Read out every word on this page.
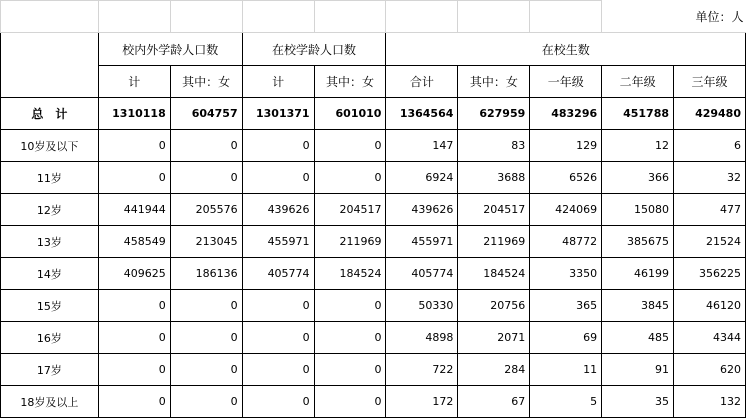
								单位：人	
	校内外学龄人口数		在校学龄人口数		在校生数				
	计	其中：女	计	其中：女	合计	其中：女	一年级	二年级	三年级
总　计	1310118	604757	1301371	601010	1364564	627959	483296	451788	429480
10岁及以下	0	0	0	0	147	83	129	12	6
11岁	0	0	0	0	6924	3688	6526	366	32
12岁	441944	205576	439626	204517	439626	204517	424069	15080	477
13岁	458549	213045	455971	211969	455971	211969	48772	385675	21524
14岁	409625	186136	405774	184524	405774	184524	3350	46199	356225
15岁	0	0	0	0	50330	20756	365	3845	46120
16岁	0	0	0	0	4898	2071	69	485	4344
17岁	0	0	0	0	722	284	11	91	620
18岁及以上	0	0	0	0	172	67	5	35	132
